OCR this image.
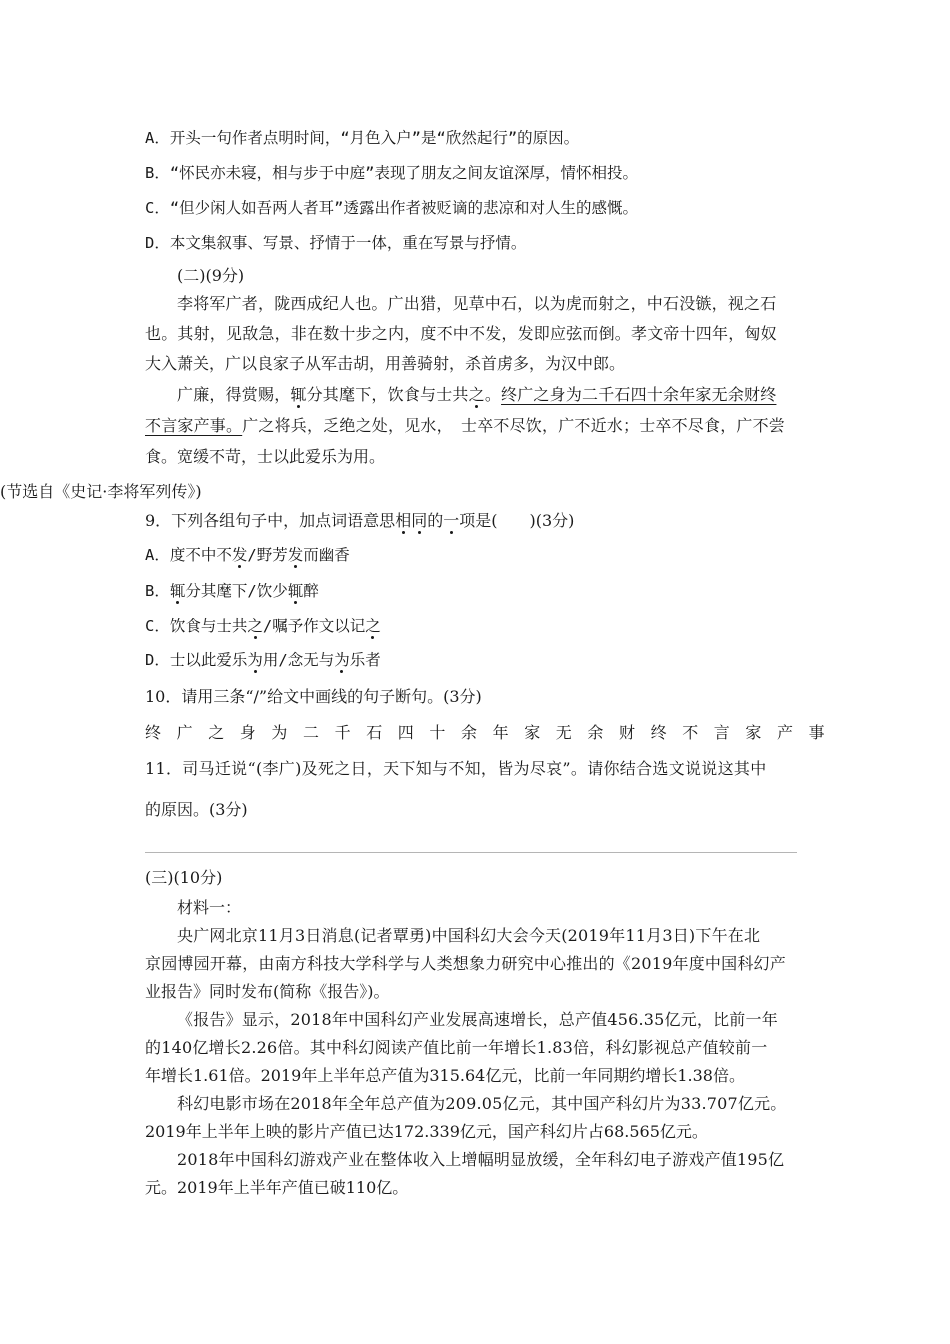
A．开头一句作者点明时间，“月色入户”是“欣然起行”的原因。
B．“怀民亦未寝，相与步于中庭”表现了朋友之间友谊深厚，情怀相投。
C．“但少闲人如吾两人者耳”透露出作者被贬谪的悲凉和对人生的感慨。
D．本文集叙事、写景、抒情于一体，重在写景与抒情。
(二)(9分)
李将军广者，陇西成纪人也。广出猎，见草中石，以为虎而射之，中石没镞，视之石
也。其射，见敌急，非在数十步之内，度不中不发，发即应弦而倒。孝文帝十四年，匈奴
大入萧关，广以良家子从军击胡，用善骑射，杀首虏多，为汉中郎。
广廉，得赏赐，辄分其麾下，饮食与士共之。终广之身为二千石四十余年家无余财终
不言家产事。广之将兵，乏绝之处，见水，　士卒不尽饮，广不近水；士卒不尽食，广不尝
食。宽缓不苛，士以此爱乐为用。
(节选自《史记·李将军列传》)
9．下列各组句子中，加点词语意思相同的一项是(　　)(3分)
A．度不中不发/野芳发而幽香
B．辄分其麾下/饮少辄醉
C．饮食与士共之/嘱予作文以记之
D．士以此爱乐为用/念无与为乐者
10．请用三条“/”给文中画线的句子断句。(3分)
终广之身为二千石四十余年家无余财终不言家产事
11．司马迁说“(李广)及死之日，天下知与不知，皆为尽哀”。请你结合选文说说这其中
的原因。(3分)
(三)(10分)
材料一：
央广网北京11月3日消息(记者覃勇)中国科幻大会今天(2019年11月3日)下午在北
京园博园开幕，由南方科技大学科学与人类想象力研究中心推出的《2019年度中国科幻产
业报告》同时发布(简称《报告》)。
《报告》显示，2018年中国科幻产业发展高速增长，总产值456.35亿元，比前一年
的140亿增长2.26倍。其中科幻阅读产值比前一年增长1.83倍，科幻影视总产值较前一
年增长1.61倍。2019年上半年总产值为315.64亿元，比前一年同期约增长1.38倍。
科幻电影市场在2018年全年总产值为209.05亿元，其中国产科幻片为33.707亿元。
2019年上半年上映的影片产值已达172.339亿元，国产科幻片占68.565亿元。
2018年中国科幻游戏产业在整体收入上增幅明显放缓，全年科幻电子游戏产值195亿
元。2019年上半年产值已破110亿。
